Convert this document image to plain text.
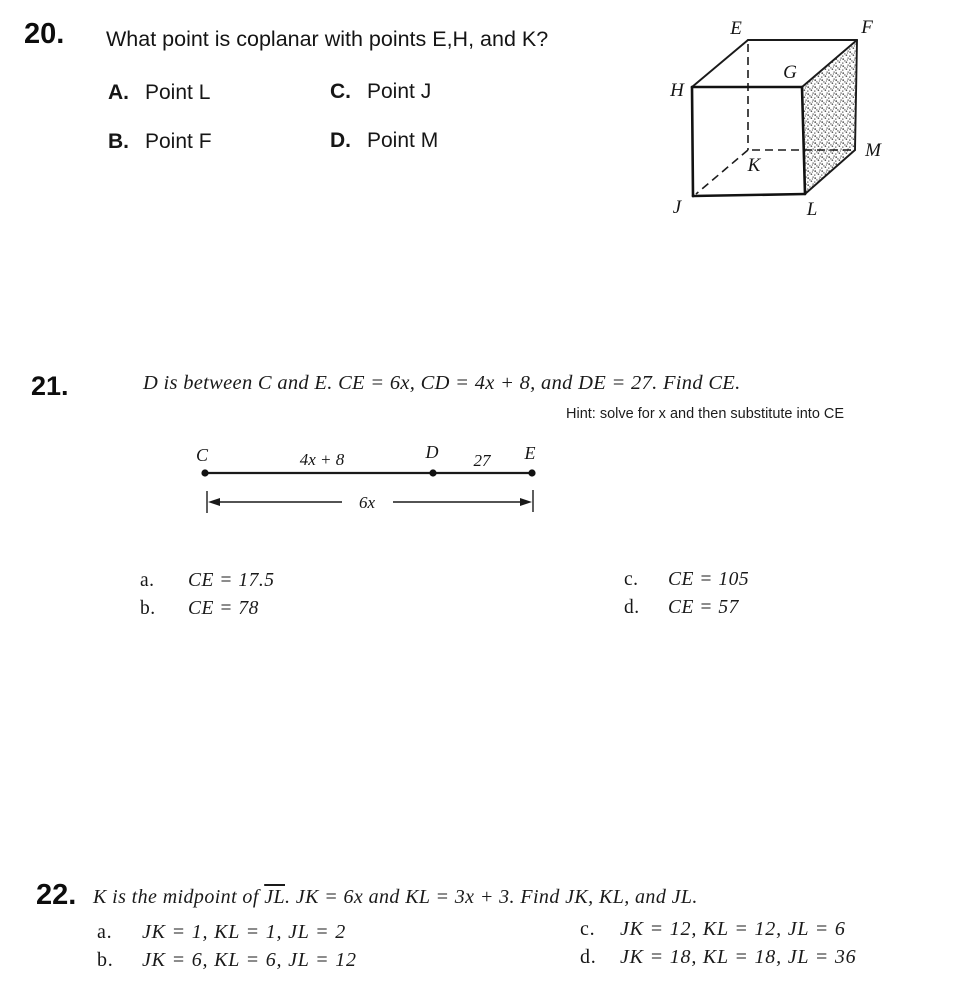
20. What point is coplanar with points E,H, and K?
A. Point L	C. Point J
B. Point F	D. Point M
E	F
G
H
K
M
J	L
21.	D is between C and E. CE = 6x, CD = 4x + 8, and DE = 27. Find CE.
Hint: solve for x and then substitute into CE
C	D	E
4x + 8	27
6x
a.	CE = 17.5
b.	CE = 78
c.	CE = 105
d.	CE = 57
22. K is the midpoint of $\overline{JL}$. JK = 6x and KL = 3x + 3. Find JK, KL, and JL.
a.	JK = 1, KL = 1, JL = 2
b.	JK = 6, KL = 6, JL = 12
c.	JK = 12, KL = 12, JL = 6
d.	JK = 18, KL = 18, JL = 36
